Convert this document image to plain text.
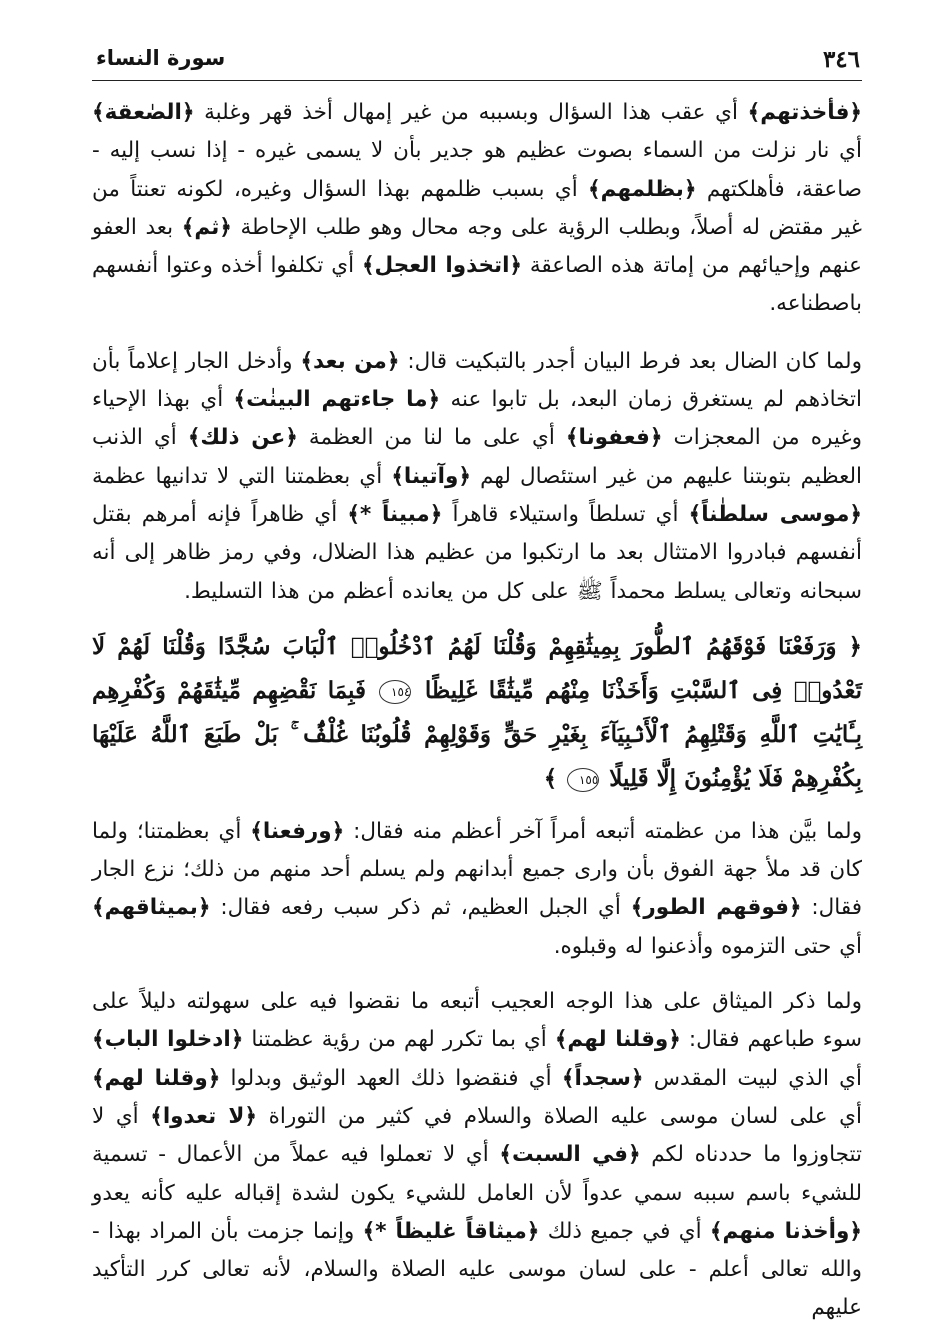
٣٤٦
سورة النساء

﴿فأخذتهم﴾ أي عقب هذا السؤال وبسببه من غير إمهال أخذ قهر وغلبة ﴿الصٰعقة﴾ أي نار نزلت من السماء بصوت عظيم هو جدير بأن لا يسمى غيره - إذا نسب إليه - صاعقة، فأهلكتهم ﴿بظلمهم﴾ أي بسبب ظلمهم بهذا السؤال وغيره، لكونه تعنتاً من غير مقتض له أصلاً، وبطلب الرؤية على وجه محال وهو طلب الإحاطة ﴿ثم﴾ بعد العفو عنهم وإحيائهم من إماتة هذه الصاعقة ﴿اتخذوا العجل﴾ أي تكلفوا أخذه وعتوا أنفسهم باصطناعه.

ولما كان الضال بعد فرط البيان أجدر بالتبكيت قال: ﴿من بعد﴾ وأدخل الجار إعلاماً بأن اتخاذهم لم يستغرق زمان البعد، بل تابوا عنه ﴿ما جاءتهم البينٰت﴾ أي بهذا الإحياء وغيره من المعجزات ﴿فعفونا﴾ أي على ما لنا من العظمة ﴿عن ذلك﴾ أي الذنب العظيم بتوبتنا عليهم من غير استئصال لهم ﴿وآتينا﴾ أي بعظمتنا التي لا تدانيها عظمة ﴿موسى سلطٰناً﴾ أي تسلطاً واستيلاء قاهراً ﴿مبيناً *﴾ أي ظاهراً فإنه أمرهم بقتل أنفسهم فبادروا الامتثال بعد ما ارتكبوا من عظيم هذا الضلال، وفي رمز ظاهر إلى أنه سبحانه وتعالى يسلط محمداً ﷺ على كل من يعانده أعظم من هذا التسليط.

﴿ وَرَفَعْنَا فَوْقَهُمُ ٱلطُّورَ بِمِيثَٰقِهِمْ وَقُلْنَا لَهُمُ ٱدْخُلُوا۟ ٱلْبَابَ سُجَّدًا وَقُلْنَا لَهُمْ لَا تَعْدُوا۟ فِى ٱلسَّبْتِ وَأَخَذْنَا مِنْهُم مِّيثَٰقًا غَلِيظًا ١٥٤ فَبِمَا نَقْضِهِم مِّيثَٰقَهُمْ وَكُفْرِهِم بِـَٔايَٰتِ ٱللَّهِ وَقَتْلِهِمُ ٱلْأَنۢبِيَآءَ بِغَيْرِ حَقٍّ وَقَوْلِهِمْ قُلُوبُنَا غُلْفٌۢ ۚ بَلْ طَبَعَ ٱللَّهُ عَلَيْهَا بِكُفْرِهِمْ فَلَا يُؤْمِنُونَ إِلَّا قَلِيلًا ١٥٥ ﴾

ولما بيَّن هذا من عظمته أتبعه أمراً آخر أعظم منه فقال: ﴿ورفعنا﴾ أي بعظمتنا؛ ولما كان قد ملأ جهة الفوق بأن وارى جميع أبدانهم ولم يسلم أحد منهم من ذلك؛ نزع الجار فقال: ﴿فوقهم الطور﴾ أي الجبل العظيم، ثم ذكر سبب رفعه فقال: ﴿بميثاقهم﴾ أي حتى التزموه وأذعنوا له وقبلوه.

ولما ذكر الميثاق على هذا الوجه العجيب أتبعه ما نقضوا فيه على سهولته دليلاً على سوء طباعهم فقال: ﴿وقلنا لهم﴾ أي بما تكرر لهم من رؤية عظمتنا ﴿ادخلوا الباب﴾ أي الذي لبيت المقدس ﴿سجداً﴾ أي فنقضوا ذلك العهد الوثيق وبدلوا ﴿وقلنا لهم﴾ أي على لسان موسى عليه الصلاة والسلام في كثير من التوراة ﴿لا تعدوا﴾ أي لا تتجاوزوا ما حددناه لكم ﴿في السبت﴾ أي لا تعملوا فيه عملاً من الأعمال - تسمية للشيء باسم سببه سمي عدواً لأن العامل للشيء يكون لشدة إقباله عليه كأنه يعدو ﴿وأخذنا منهم﴾ أي في جميع ذلك ﴿ميثاقاً غليظاً *﴾ وإنما جزمت بأن المراد بهذا - والله تعالى أعلم - على لسان موسى عليه الصلاة والسلام، لأنه تعالى كرر التأكيد عليهم
